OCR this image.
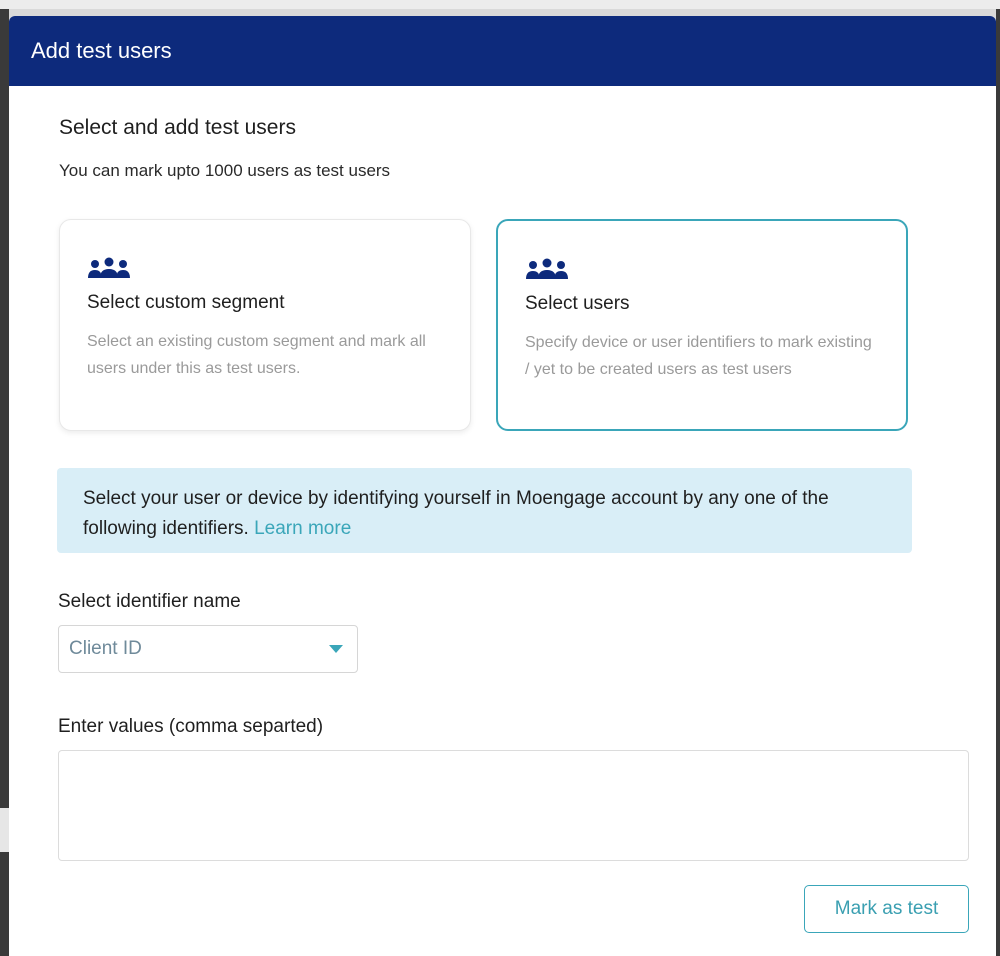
Add test users
Select and add test users
You can mark upto 1000 users as test users
Select custom segment
Select an existing custom segment and mark all users under this as test users.
Select users
Specify device or user identifiers to mark existing / yet to be created users as test users
Select your user or device by identifying yourself in Moengage account by any one of the following identifiers. Learn more
Select identifier name
Client ID
Enter values (comma separted)
Mark as test
